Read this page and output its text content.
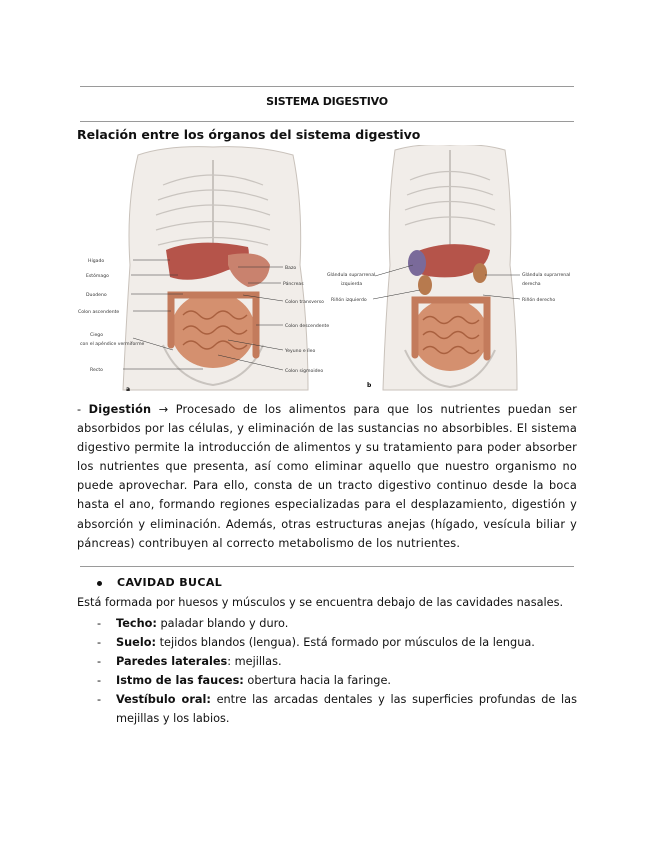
SISTEMA DIGESTIVO
Relación entre los órganos del sistema digestivo
Hígado
Estómago
Duodeno
Colon ascendente
Ciego
con el apéndice vermiforme
Recto
Bazo
Páncreas
Colon transverso
Colon descendente
Yeyuno e íleo
Colon sigmoideo
a
Glándula suprarrenal
izquierda
Riñón izquierdo
Glándula suprarrenal
derecha
Riñón derecho
b
- Digestión → Procesado de los alimentos para que los nutrientes puedan ser absorbidos por las células, y eliminación de las sustancias no absorbibles. El sistema digestivo permite la introducción de alimentos y su tratamiento para poder absorber los nutrientes que presenta, así como eliminar aquello que nuestro organismo no puede aprovechar. Para ello, consta de un tracto digestivo continuo desde la boca hasta el ano, formando regiones especializadas para el desplazamiento, digestión y absorción y eliminación. Además, otras estructuras anejas (hígado, vesícula biliar y páncreas) contribuyen al correcto metabolismo de los nutrientes.
CAVIDAD BUCAL
Está formada por huesos y músculos y se encuentra debajo de las cavidades nasales.
- Techo: paladar blando y duro.
- Suelo: tejidos blandos (lengua). Está formado por músculos de la lengua.
- Paredes laterales: mejillas.
- Istmo de las fauces: obertura hacia la faringe.
- Vestíbulo oral: entre las arcadas dentales y las superficies profundas de las mejillas y los labios.
